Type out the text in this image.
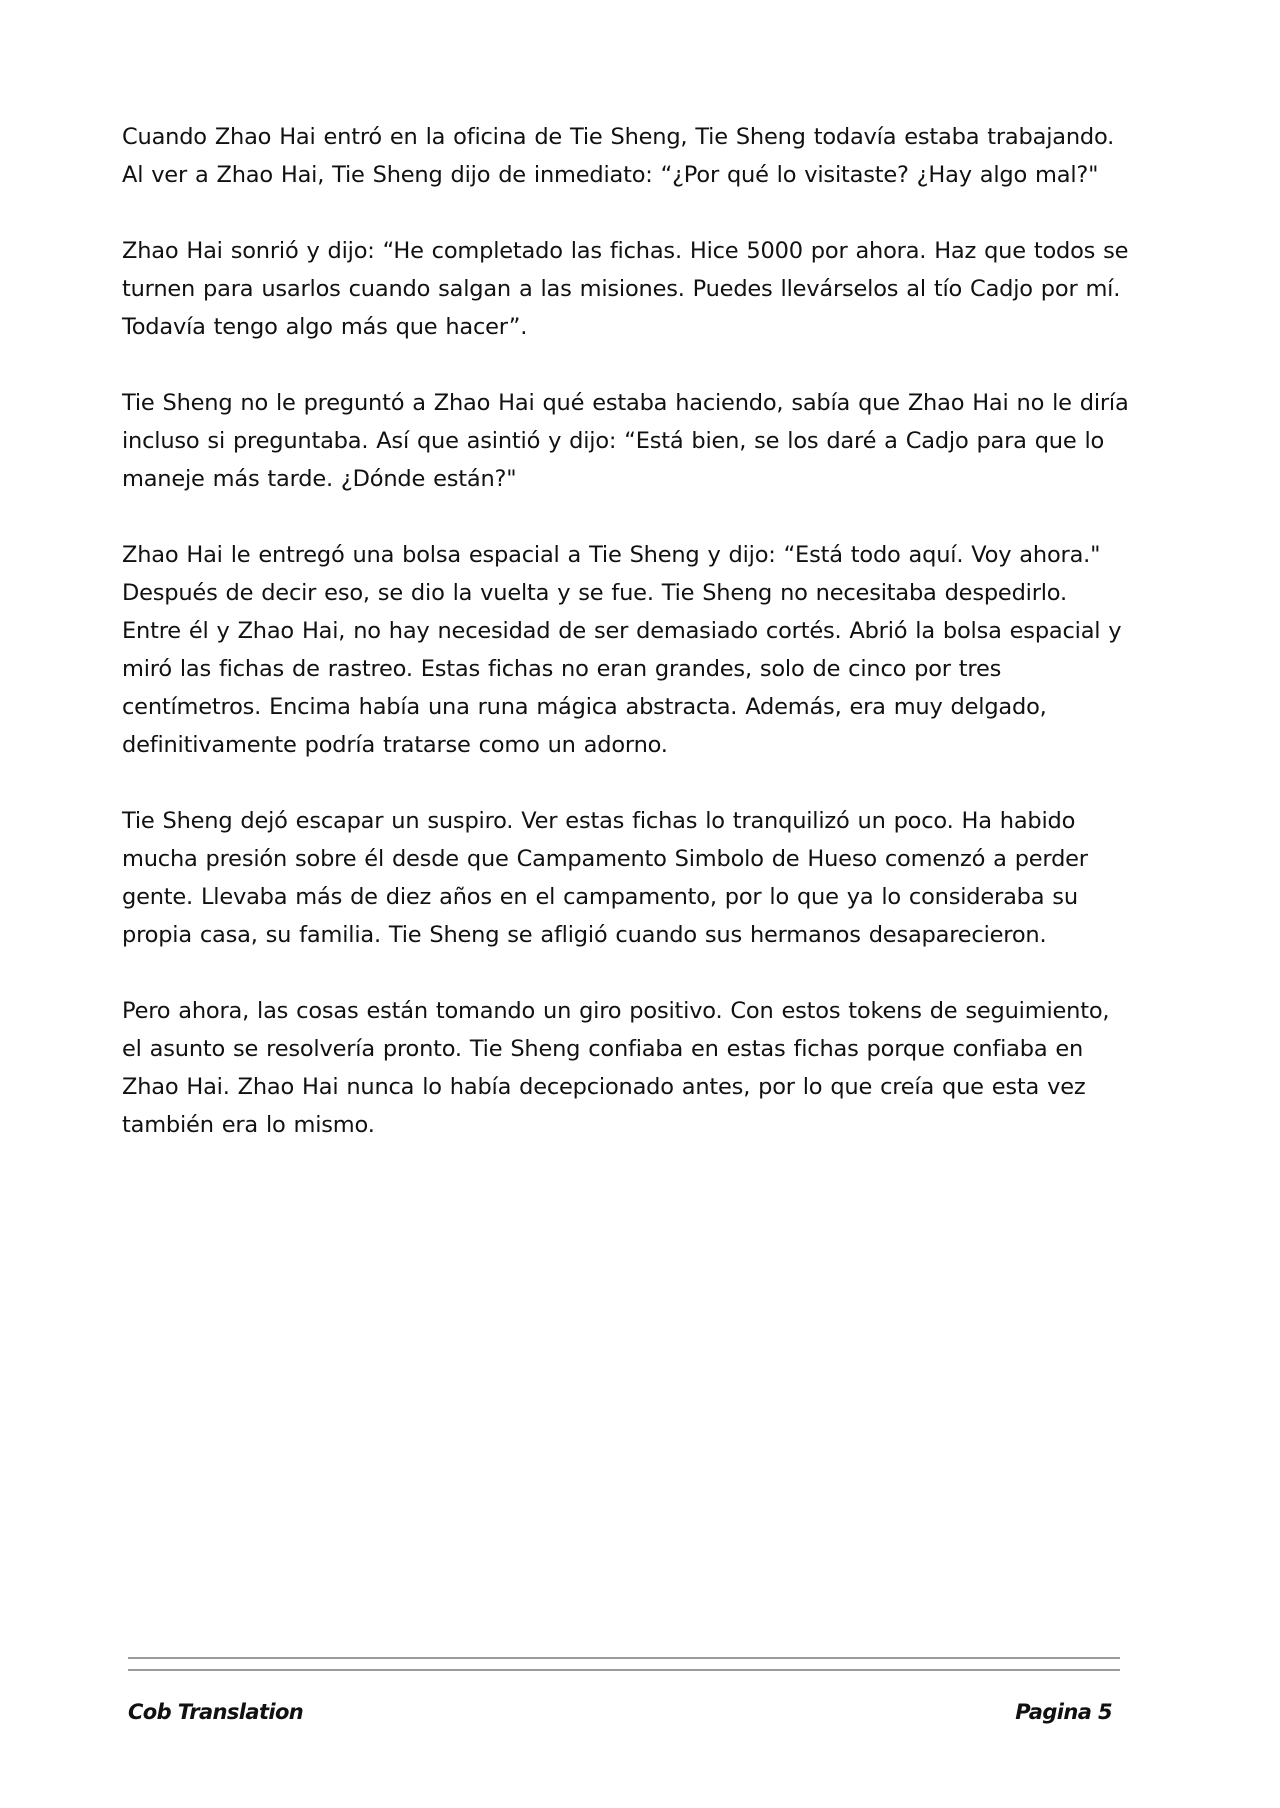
Cuando Zhao Hai entró en la oficina de Tie Sheng, Tie Sheng todavía estaba trabajando. Al ver a Zhao Hai, Tie Sheng dijo de inmediato: “¿Por qué lo visitaste? ¿Hay algo mal?"

Zhao Hai sonrió y dijo: “He completado las fichas. Hice 5000 por ahora. Haz que todos se turnen para usarlos cuando salgan a las misiones. Puedes llevárselos al tío Cadjo por mí. Todavía tengo algo más que hacer”.

Tie Sheng no le preguntó a Zhao Hai qué estaba haciendo, sabía que Zhao Hai no le diría incluso si preguntaba. Así que asintió y dijo: “Está bien, se los daré a Cadjo para que lo maneje más tarde. ¿Dónde están?"

Zhao Hai le entregó una bolsa espacial a Tie Sheng y dijo: “Está todo aquí. Voy ahora." Después de decir eso, se dio la vuelta y se fue. Tie Sheng no necesitaba despedirlo. Entre él y Zhao Hai, no hay necesidad de ser demasiado cortés. Abrió la bolsa espacial y miró las fichas de rastreo. Estas fichas no eran grandes, solo de cinco por tres centímetros. Encima había una runa mágica abstracta. Además, era muy delgado, definitivamente podría tratarse como un adorno.

Tie Sheng dejó escapar un suspiro. Ver estas fichas lo tranquilizó un poco. Ha habido mucha presión sobre él desde que Campamento Simbolo de Hueso comenzó a perder gente. Llevaba más de diez años en el campamento, por lo que ya lo consideraba su propia casa, su familia. Tie Sheng se afligió cuando sus hermanos desaparecieron.

Pero ahora, las cosas están tomando un giro positivo. Con estos tokens de seguimiento, el asunto se resolvería pronto. Tie Sheng confiaba en estas fichas porque confiaba en Zhao Hai. Zhao Hai nunca lo había decepcionado antes, por lo que creía que esta vez también era lo mismo.

Cob Translation	Pagina 5
